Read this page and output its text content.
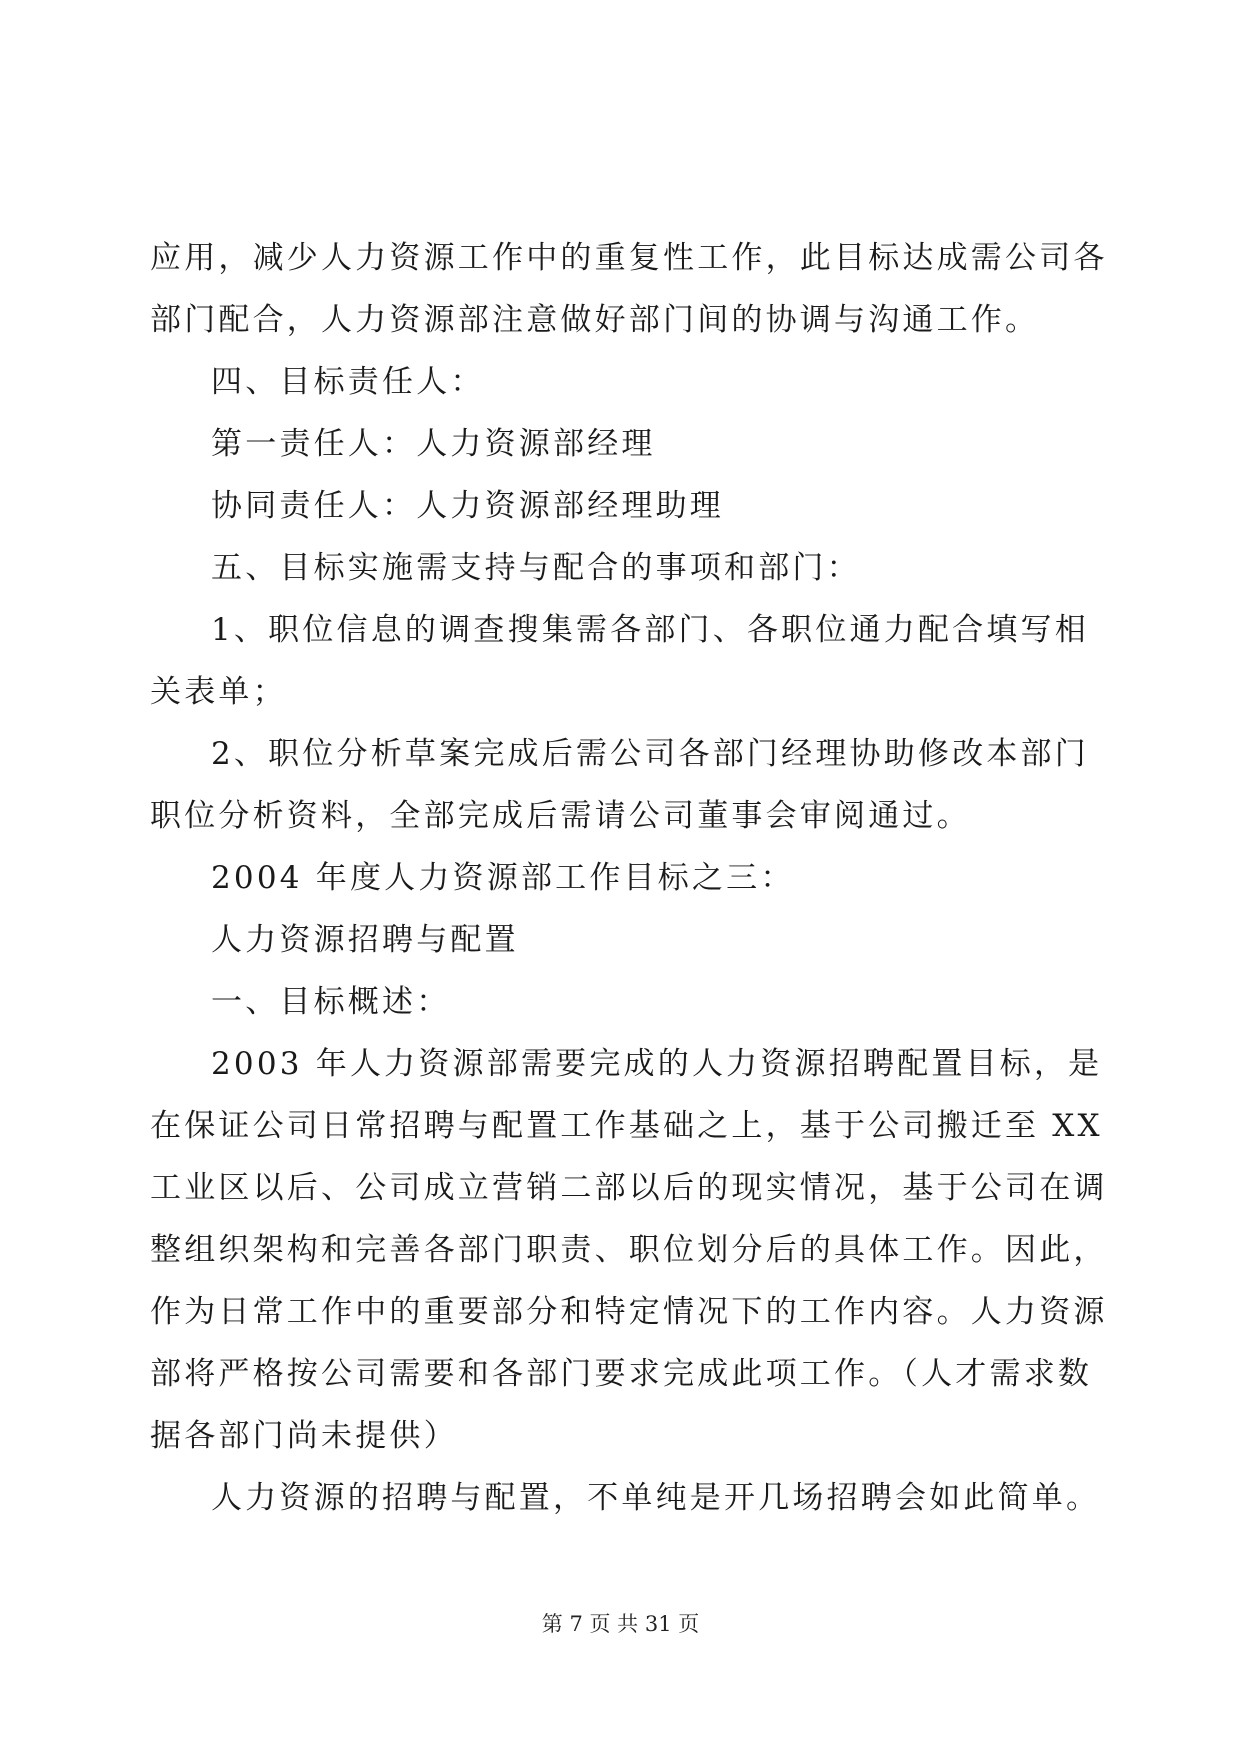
应用，减少人力资源工作中的重复性工作，此目标达成需公司各
部门配合，人力资源部注意做好部门间的协调与沟通工作。
四、目标责任人：
第一责任人：人力资源部经理
协同责任人：人力资源部经理助理
五、目标实施需支持与配合的事项和部门：
1、职位信息的调查搜集需各部门、各职位通力配合填写相
关表单；
2、职位分析草案完成后需公司各部门经理协助修改本部门
职位分析资料，全部完成后需请公司董事会审阅通过。
2004 年度人力资源部工作目标之三：
人力资源招聘与配置
一、目标概述：
2003 年人力资源部需要完成的人力资源招聘配置目标，是
在保证公司日常招聘与配置工作基础之上，基于公司搬迁至 XX
工业区以后、公司成立营销二部以后的现实情况，基于公司在调
整组织架构和完善各部门职责、职位划分后的具体工作。因此，
作为日常工作中的重要部分和特定情况下的工作内容。人力资源
部将严格按公司需要和各部门要求完成此项工作。（人才需求数
据各部门尚未提供）
人力资源的招聘与配置，不单纯是开几场招聘会如此简单。
第 7 页 共 31 页
